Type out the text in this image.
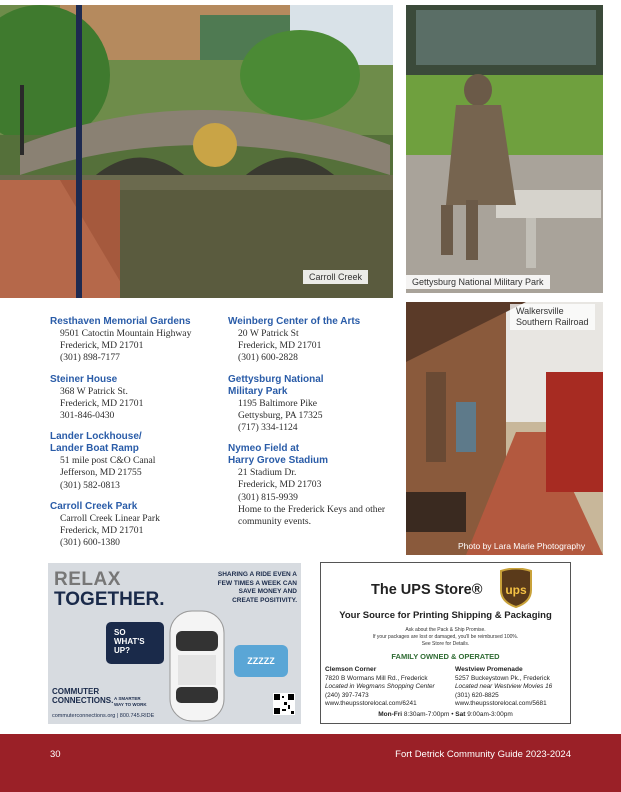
Carroll Creek	Gettysburg National Military Park
Walkersville
Southern Railroad
Photo by Lara Marie Photography
Resthaven Memorial Gardens
9501 Catoctin Mountain Highway
Frederick, MD 21701
(301) 898-7177
Steiner House
368 W Patrick St.
Frederick, MD 21701
301-846-0430
Lander Lockhouse/
Lander Boat Ramp
51 mile post C&O Canal
Jefferson, MD 21755
(301) 582-0813
Carroll Creek Park
Carroll Creek Linear Park
Frederick, MD 21701
(301) 600-1380
Weinberg Center of the Arts
20 W Patrick St
Frederick, MD 21701
(301) 600-2828
Gettysburg National
Military Park
1195 Baltimore Pike
Gettysburg, PA 17325
(717) 334-1124
Nymeo Field at
Harry Grove Stadium
21 Stadium Dr.
Frederick, MD 21703
(301) 815-9939
Home to the Frederick Keys and other community events.
RELAX
TOGETHER.
SHARING A RIDE EVEN A
FEW TIMES A WEEK CAN
SAVE MONEY AND
CREATE POSITIVITY.
SO
WHAT'S
UP?
ZZZZZ
COMMUTER
CONNECTIONS. A SMARTER
WAY TO WORK
commuterconnections.org | 800.745.RIDE
The UPS Store® ups
Your Source for Printing Shipping & Packaging
Ask about the Pack & Ship Promise.
If your packages are lost or damaged, you'll be reimbursed 100%.
See Store for Details.
FAMILY OWNED & OPERATED
Clemson Corner
7820 B Wormans Mill Rd., Frederick
Located in Wegmans Shopping Center
(240) 397-7473
www.theupsstorelocal.com/6241
Westview Promenade
5257 Buckeystown Pk., Frederick
Located near Westview Movies 16
(301) 620-8825
www.theupsstorelocal.com/5681
Mon-Fri 8:30am-7:00pm • Sat 9:00am-3:00pm
30	Fort Detrick Community Guide 2023-2024
